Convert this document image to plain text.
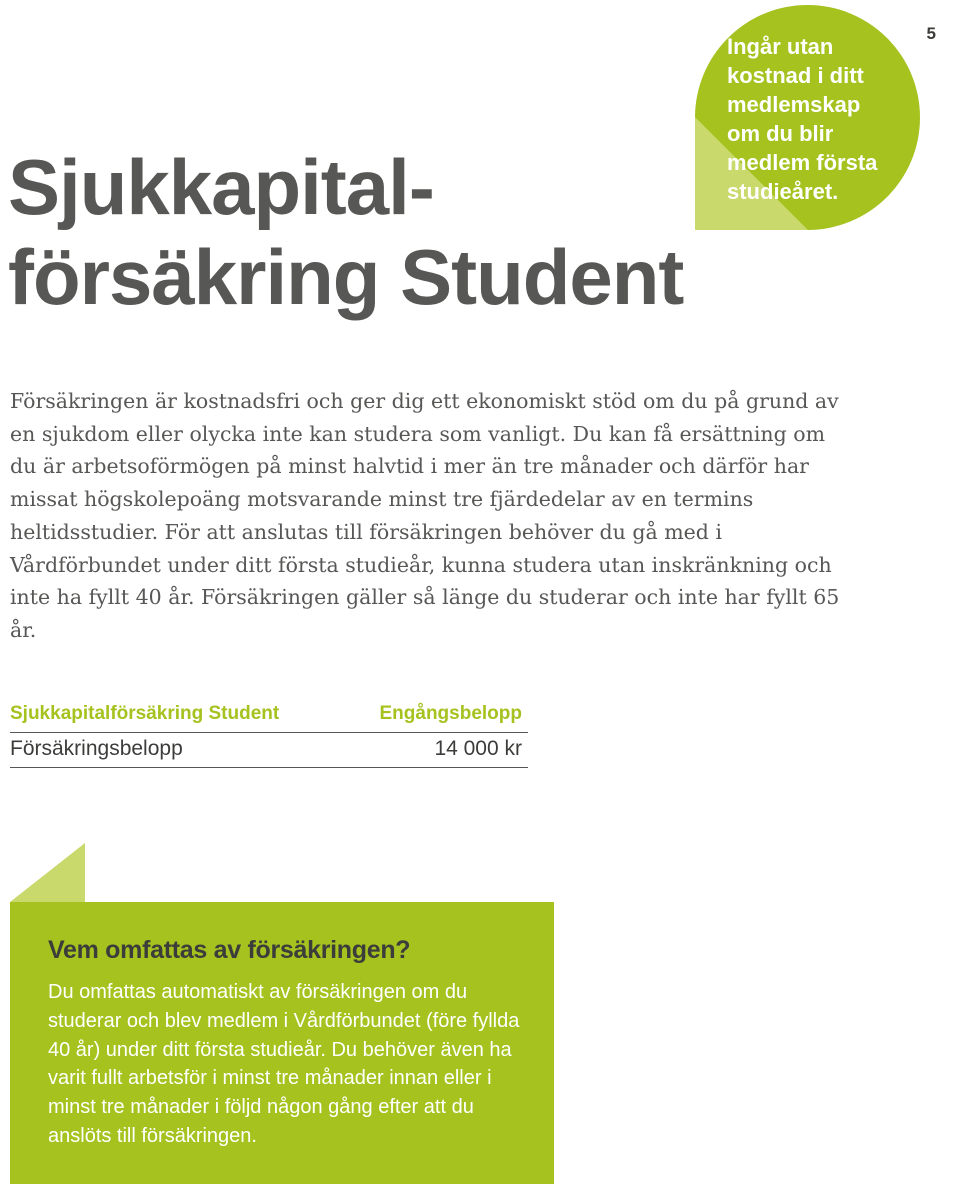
5
Ingår utan
kostnad i ditt
medlemskap
om du blir
medlem första
studieåret.
Sjukkapital-
försäkring Student

Försäkringen är kostnadsfri och ger dig ett ekonomiskt stöd om du på grund av en sjukdom eller olycka inte kan studera som vanligt. Du kan få ersättning om du är arbetsoförmögen på minst halvtid i mer än tre månader och därför har missat högskolepoäng motsvarande minst tre fjärdedelar av en termins heltidsstudier. För att anslutas till försäkringen behöver du gå med i Vårdförbundet under ditt första studieår, kunna studera utan inskränkning och inte ha fyllt 40 år. Försäkringen gäller så länge du studerar och inte har fyllt 65 år.

Sjukkapitalförsäkring Student	Engångsbelopp
Försäkringsbelopp	14 000 kr
Vem omfattas av försäkringen?

Du omfattas automatiskt av försäkringen om du studerar och blev medlem i Vårdförbundet (före fyllda 40 år) under ditt första studieår. Du behöver även ha varit fullt arbetsför i minst tre månader innan eller i minst tre månader i följd någon gång efter att du anslöts till försäkringen.
